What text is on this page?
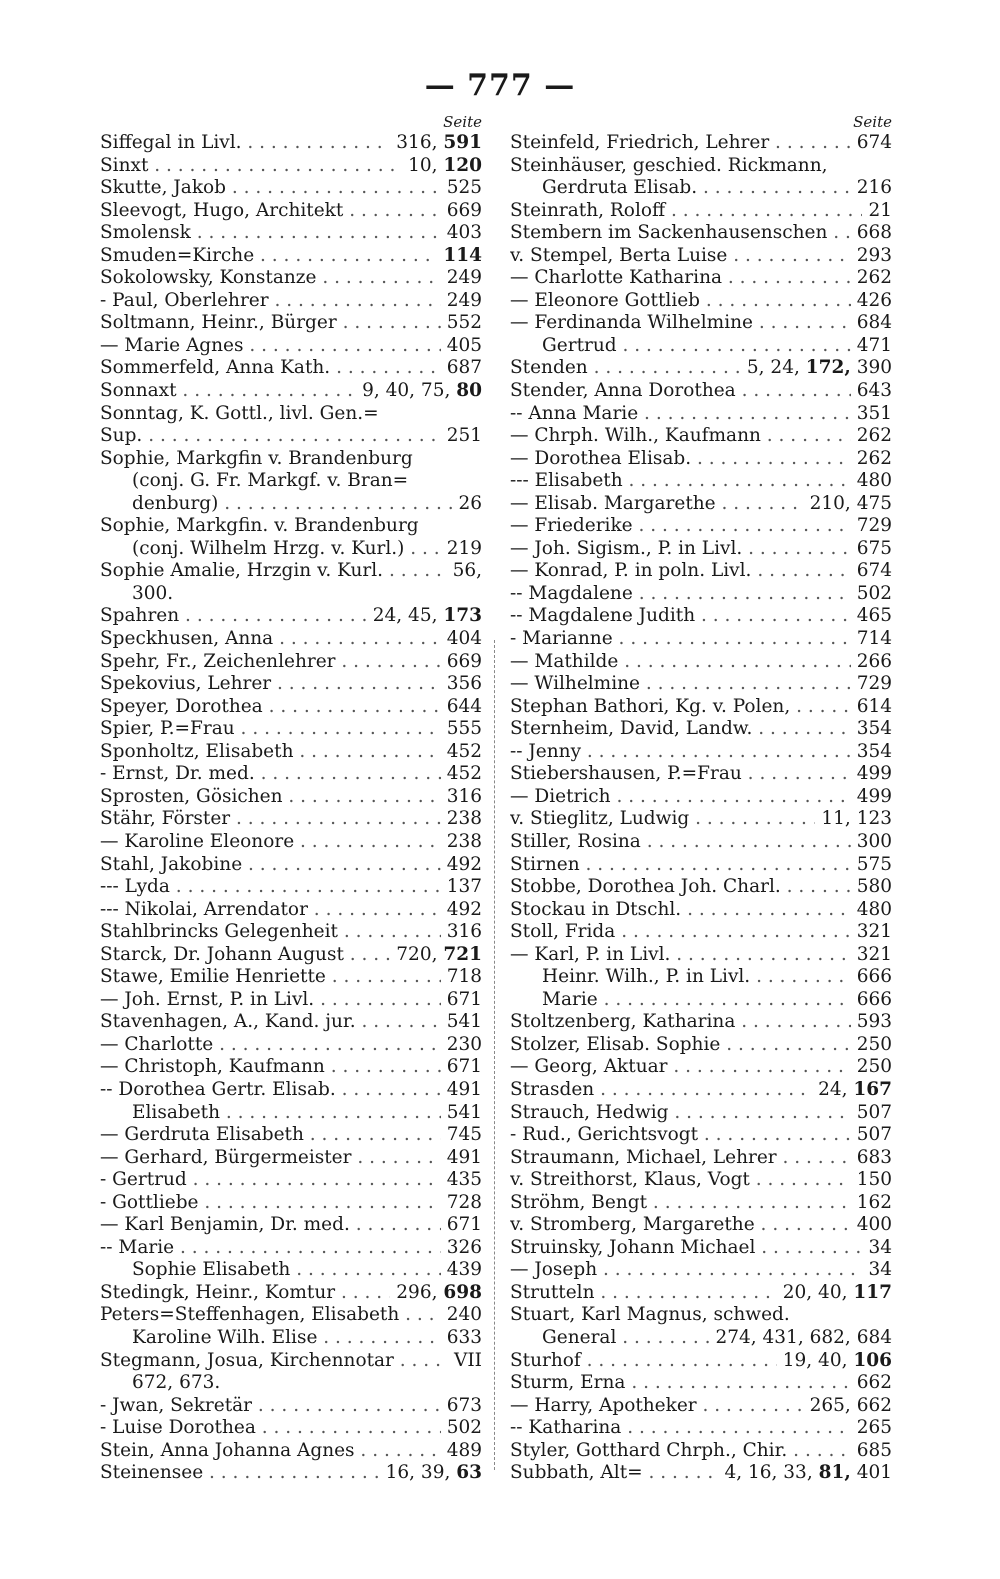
— 777 —
Seite
Siffegal in Livl. . . .	316, 591
Sinxt . . .	10, 120
Skutte, Jakob . . .	525
Sleevogt, Hugo, Architekt . . .	669
Smolensk . . .	403
Smuden=Kirche . . .	114
Sokolowsky, Konstanze . . .	249
- Paul, Oberlehrer . . .	249
Soltmann, Heinr., Bürger . . .	552
— Marie Agnes . . .	405
Sommerfeld, Anna Kath. . . .	687
Sonnaxt . . .	9, 40, 75, 80
Sonntag, K. Gottl., livl. Gen.=
Sup. . . .	251
Sophie, Markgfin v. Brandenburg
(conj. G. Fr. Markgf. v. Bran=
denburg) . . .	26
Sophie, Markgfin. v. Brandenburg
(conj. Wilhelm Hrzg. v. Kurl.) . . .	219
Sophie Amalie, Hrzgin v. Kurl. . . .	56,
300.
Spahren . . .	24, 45, 173
Speckhusen, Anna . . .	404
Spehr, Fr., Zeichenlehrer . . .	669
Spekovius, Lehrer . . .	356
Speyer, Dorothea . . .	644
Spier, P.=Frau . . .	555
Sponholtz, Elisabeth . . .	452
- Ernst, Dr. med. . . .	452
Sprosten, Gösichen . . .	316
Stähr, Förster . . .	238
— Karoline Eleonore . . .	238
Stahl, Jakobine . . .	492
--- Lyda . . .	137
--- Nikolai, Arrendator . . .	492
Stahlbrincks Gelegenheit . . .	316
Starck, Dr. Johann August . . .	720, 721
Stawe, Emilie Henriette . . .	718
— Joh. Ernst, P. in Livl. . . .	671
Stavenhagen, A., Kand. jur. . . .	541
— Charlotte . . .	230
— Christoph, Kaufmann . . .	671
-- Dorothea Gertr. Elisab. . . .	491
Elisabeth . . .	541
— Gerdruta Elisabeth . . .	745
— Gerhard, Bürgermeister . . .	491
- Gertrud . . .	435
- Gottliebe . . .	728
— Karl Benjamin, Dr. med. . . .	671
-- Marie . . .	326
Sophie Elisabeth . . .	439
Stedingk, Heinr., Komtur . . .	296, 698
Peters=Steffenhagen, Elisabeth . . .	240
Karoline Wilh. Elise . . .	633
Stegmann, Josua, Kirchennotar . . .	VII
672, 673.
- Jwan, Sekretär . . .	673
- Luise Dorothea . . .	502
Stein, Anna Johanna Agnes . . .	489
Steinensee . . .	16, 39, 63
Seite
Steinfeld, Friedrich, Lehrer . . .	674
Steinhäuser, geschied. Rickmann,
Gerdruta Elisab. . . .	216
Steinrath, Roloff . . .	21
Stembern im Sackenhausenschen . . .	668
v. Stempel, Berta Luise . . .	293
— Charlotte Katharina . . .	262
— Eleonore Gottlieb . . .	426
— Ferdinanda Wilhelmine . . .	684
Gertrud . . .	471
Stenden . . .	5, 24, 172, 390
Stender, Anna Dorothea . . .	643
-- Anna Marie . . .	351
— Chrph. Wilh., Kaufmann . . .	262
— Dorothea Elisab. . . .	262
--- Elisabeth . . .	480
— Elisab. Margarethe . . .	210, 475
— Friederike . . .	729
— Joh. Sigism., P. in Livl. . . .	675
— Konrad, P. in poln. Livl. . . .	674
-- Magdalene . . .	502
-- Magdalene Judith . . .	465
- Marianne . . .	714
— Mathilde . . .	266
— Wilhelmine . . .	729
Stephan Bathori, Kg. v. Polen, . . .	614
Sternheim, David, Landw. . . .	354
-- Jenny . . .	354
Stiebershausen, P.=Frau . . .	499
— Dietrich . . .	499
v. Stieglitz, Ludwig . . .	11, 123
Stiller, Rosina . . .	300
Stirnen . . .	575
Stobbe, Dorothea Joh. Charl. . . .	580
Stockau in Dtschl. . . .	480
Stoll, Frida . . .	321
— Karl, P. in Livl. . . .	321
Heinr. Wilh., P. in Livl. . . .	666
Marie . . .	666
Stoltzenberg, Katharina . . .	593
Stolzer, Elisab. Sophie . . .	250
— Georg, Aktuar . . .	250
Strasden . . .	24, 167
Strauch, Hedwig . . .	507
- Rud., Gerichtsvogt . . .	507
Straumann, Michael, Lehrer . . .	683
v. Streithorst, Klaus, Vogt . . .	150
Ströhm, Bengt . . .	162
v. Stromberg, Margarethe . . .	400
Struinsky, Johann Michael . . .	34
— Joseph . . .	34
Strutteln . . .	20, 40, 117
Stuart, Karl Magnus, schwed.
General . . .	274, 431, 682, 684
Sturhof . . .	19, 40, 106
Sturm, Erna . . .	662
— Harry, Apotheker . . .	265, 662
-- Katharina . . .	265
Styler, Gotthard Chrph., Chir. . . .	685
Subbath, Alt= . . .	4, 16, 33, 81, 401
